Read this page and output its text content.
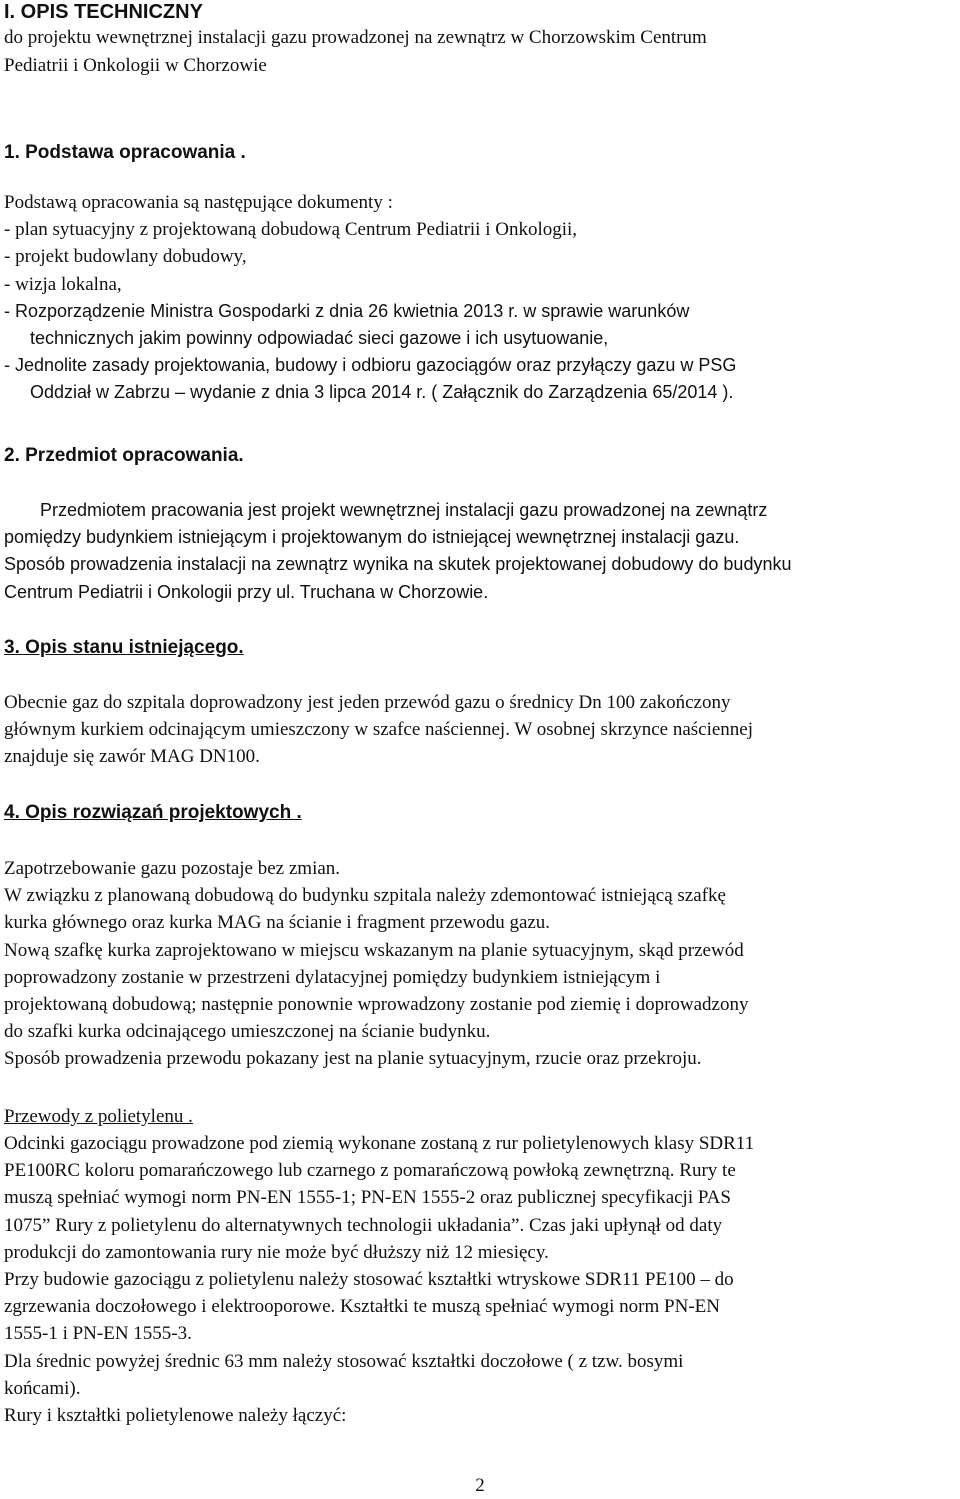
I. OPIS TECHNICZNY
do projektu wewnętrznej instalacji gazu prowadzonej na zewnątrz w Chorzowskim Centrum
Pediatrii i Onkologii w Chorzowie
1. Podstawa opracowania .
Podstawą opracowania są następujące dokumenty :
- plan sytuacyjny z projektowaną dobudową Centrum Pediatrii i Onkologii,
- projekt budowlany dobudowy,
- wizja lokalna,
- Rozporządzenie Ministra Gospodarki z dnia 26 kwietnia 2013 r. w sprawie warunków
technicznych jakim powinny odpowiadać sieci gazowe i ich usytuowanie,
- Jednolite zasady projektowania, budowy i odbioru gazociągów oraz przyłączy gazu w PSG
Oddział w Zabrzu – wydanie z dnia 3 lipca 2014 r. ( Załącznik do Zarządzenia 65/2014 ).
2. Przedmiot opracowania.
Przedmiotem pracowania jest projekt wewnętrznej instalacji gazu prowadzonej na zewnątrz
pomiędzy budynkiem istniejącym i projektowanym do istniejącej wewnętrznej instalacji gazu.
Sposób prowadzenia instalacji na zewnątrz wynika na skutek projektowanej dobudowy do budynku
Centrum Pediatrii i Onkologii przy ul. Truchana w Chorzowie.
3. Opis stanu istniejącego.
Obecnie gaz do szpitala doprowadzony jest jeden przewód gazu o średnicy Dn 100 zakończony
głównym kurkiem odcinającym umieszczony w szafce naściennej. W osobnej skrzynce naściennej
znajduje się zawór MAG DN100.
4. Opis rozwiązań projektowych .
Zapotrzebowanie gazu pozostaje bez zmian.
W związku z planowaną dobudową do budynku szpitala należy zdemontować istniejącą szafkę
kurka głównego oraz kurka MAG na ścianie i fragment przewodu gazu.
Nową szafkę kurka zaprojektowano w miejscu wskazanym na planie sytuacyjnym, skąd przewód
poprowadzony zostanie w przestrzeni dylatacyjnej pomiędzy budynkiem istniejącym i
projektowaną dobudową; następnie ponownie wprowadzony zostanie pod ziemię i doprowadzony
do szafki kurka odcinającego umieszczonej na ścianie budynku.
Sposób prowadzenia przewodu pokazany jest na planie sytuacyjnym, rzucie oraz przekroju.
Przewody z polietylenu .
Odcinki gazociągu prowadzone pod ziemią wykonane zostaną z rur polietylenowych klasy SDR11
PE100RC koloru pomarańczowego lub czarnego z pomarańczową powłoką zewnętrzną. Rury te
muszą spełniać wymogi norm PN-EN 1555-1; PN-EN 1555-2 oraz publicznej specyfikacji PAS
1075” Rury z polietylenu do alternatywnych technologii układania”. Czas jaki upłynął od daty
produkcji do zamontowania rury nie może być dłuższy niż 12 miesięcy.
Przy budowie gazociągu z polietylenu należy stosować kształtki wtryskowe SDR11 PE100 – do
zgrzewania doczołowego i elektrooporowe. Kształtki te muszą spełniać wymogi norm PN-EN
1555-1 i PN-EN 1555-3.
Dla średnic powyżej średnic 63 mm należy stosować kształtki doczołowe ( z tzw. bosymi
końcami).
Rury i kształtki polietylenowe należy łączyć:
2
